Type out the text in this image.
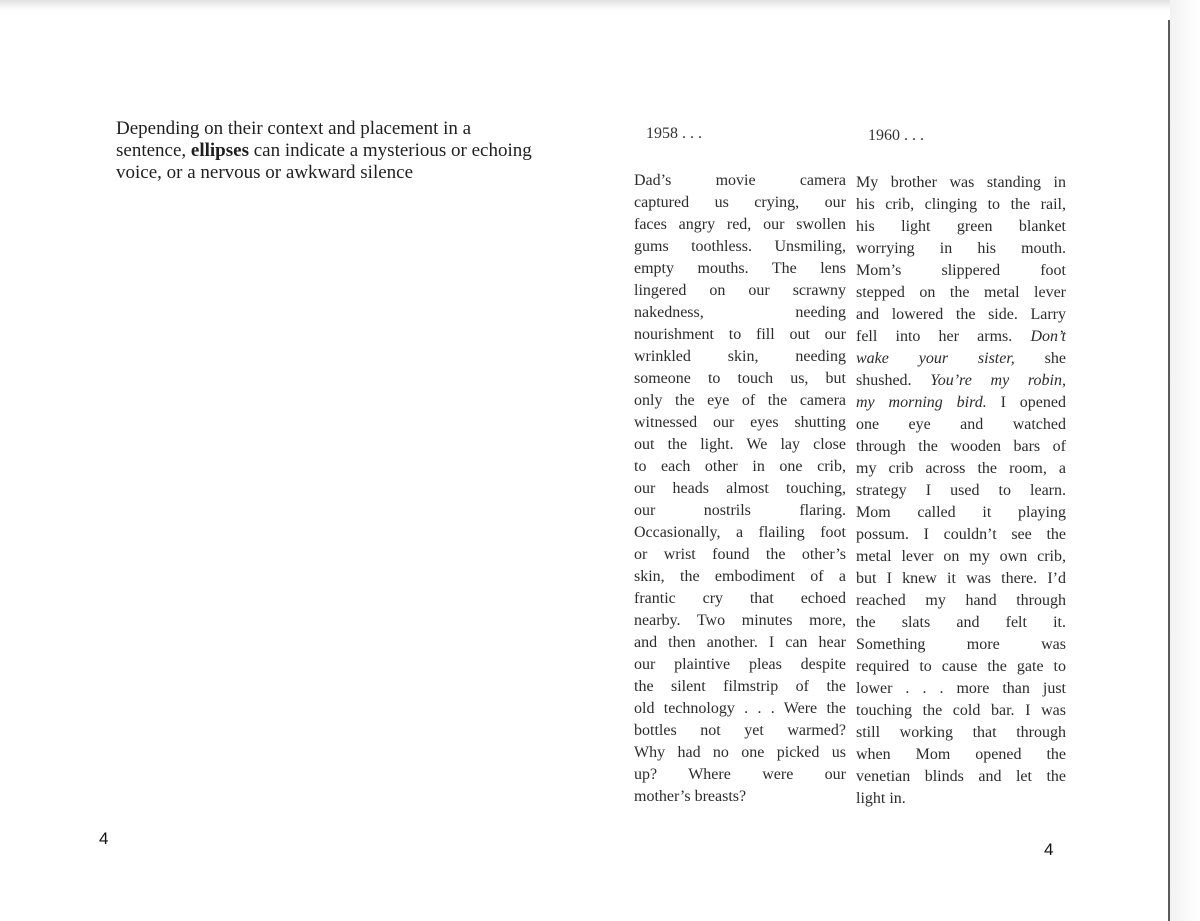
Depending on their context and placement in a sentence, ellipses can indicate a mysterious or echoing voice, or a nervous or awkward silence
4
4
1958 . . .	1960 . . .
Dad’s movie camera
captured us crying, our
faces angry red, our swollen
gums toothless. Unsmiling,
empty mouths. The lens
lingered on our scrawny
nakedness, needing
nourishment to fill out our
wrinkled skin, needing
someone to touch us, but
only the eye of the camera
witnessed our eyes shutting
out the light. We lay close
to each other in one crib,
our heads almost touching,
our nostrils flaring.
Occasionally, a flailing foot
or wrist found the other’s
skin, the embodiment of a
frantic cry that echoed
nearby. Two minutes more,
and then another. I can hear
our plaintive pleas despite
the silent filmstrip of the
old technology . . . Were the
bottles not yet warmed?
Why had no one picked us
up? Where were our
mother’s breasts?
My brother was standing in
his crib, clinging to the rail,
his light green blanket
worrying in his mouth.
Mom’s slippered foot
stepped on the metal lever
and lowered the side. Larry
fell into her arms. Don’t
wake your sister, she
shushed. You’re my robin,
my morning bird. I opened
one eye and watched
through the wooden bars of
my crib across the room, a
strategy I used to learn.
Mom called it playing
possum. I couldn’t see the
metal lever on my own crib,
but I knew it was there. I’d
reached my hand through
the slats and felt it.
Something more was
required to cause the gate to
lower . . . more than just
touching the cold bar. I was
still working that through
when Mom opened the
venetian blinds and let the
light in.
